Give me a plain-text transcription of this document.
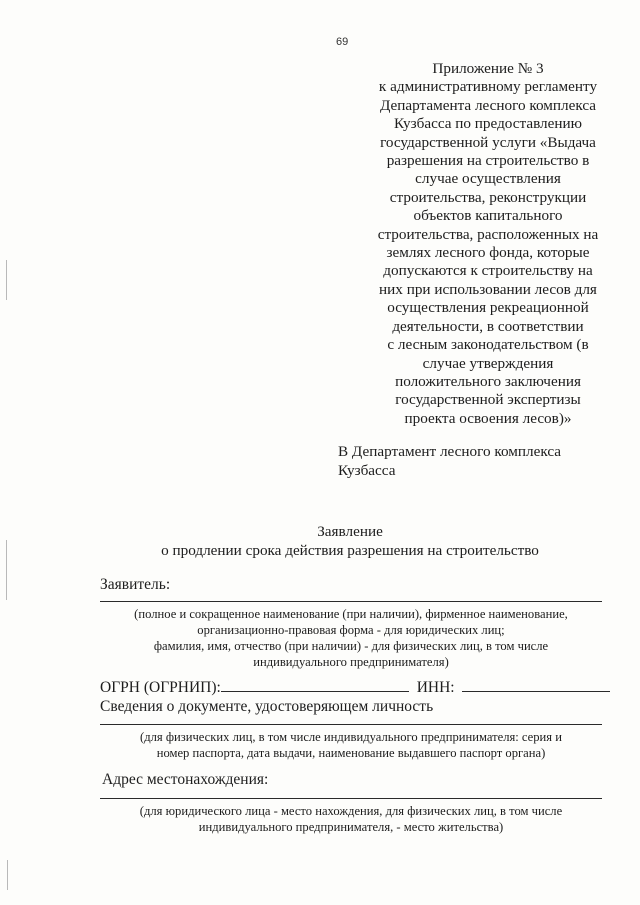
69
Приложение № 3
к административному регламенту
Департамента лесного комплекса
Кузбасса по предоставлению
государственной услуги «Выдача
разрешения на строительство в
случае осуществления
строительства, реконструкции
объектов капитального
строительства, расположенных на
землях лесного фонда, которые
допускаются к строительству на
них при использовании лесов для
осуществления рекреационной
деятельности, в соответствии
с лесным законодательством (в
случае утверждения
положительного заключения
государственной экспертизы
проекта освоения лесов)»
В Департамент лесного комплекса
Кузбасса
Заявление
о продлении срока действия разрешения на строительство
Заявитель:
(полное и сокращенное наименование (при наличии), фирменное наименование,
организационно-правовая форма - для юридических лиц;
фамилия, имя, отчество (при наличии) - для физических лиц, в том числе
индивидуального предпринимателя)
ОГРН (ОГРНИП):	ИНН:
Сведения о документе, удостоверяющем личность
(для физических лиц, в том числе индивидуального предпринимателя: серия и
номер паспорта, дата выдачи, наименование выдавшего паспорт органа)
Адрес местонахождения:
(для юридического лица - место нахождения, для физических лиц, в том числе
индивидуального предпринимателя, - место жительства)
